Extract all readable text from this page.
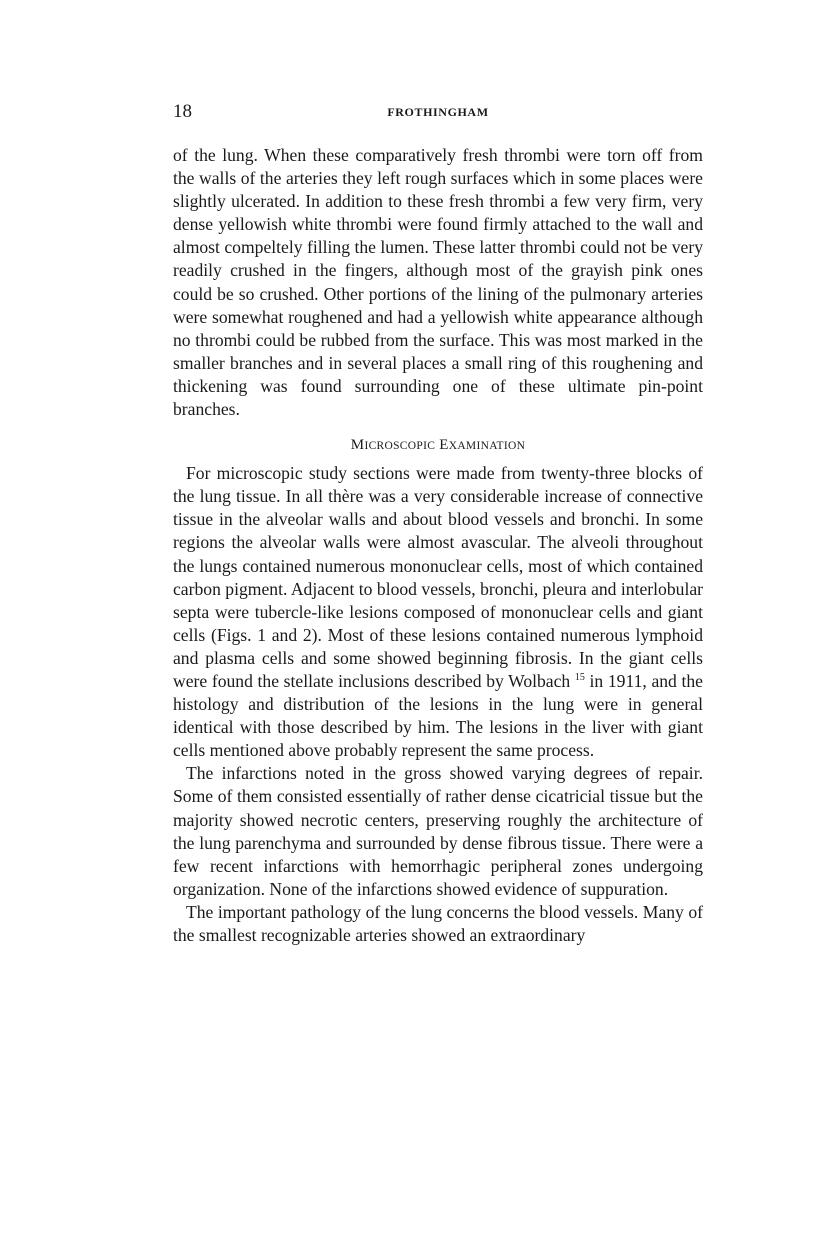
18	FROTHINGHAM

of the lung. When these comparatively fresh thrombi were torn off from the walls of the arteries they left rough surfaces which in some places were slightly ulcerated. In addition to these fresh thrombi a few very firm, very dense yellowish white thrombi were found firmly attached to the wall and almost compeltely filling the lumen. These latter thrombi could not be very readily crushed in the fingers, although most of the grayish pink ones could be so crushed. Other portions of the lining of the pulmonary arteries were somewhat roughened and had a yellowish white appearance although no thrombi could be rubbed from the surface. This was most marked in the smaller branches and in several places a small ring of this roughening and thickening was found surrounding one of these ultimate pin-point branches.

MICROSCOPIC EXAMINATION

For microscopic study sections were made from twenty-three blocks of the lung tissue. In all thère was a very considerable increase of connective tissue in the alveolar walls and about blood vessels and bronchi. In some regions the alveolar walls were almost avascular. The alveoli throughout the lungs contained numerous mononuclear cells, most of which contained carbon pigment. Adjacent to blood vessels, bronchi, pleura and interlobular septa were tubercle-like lesions composed of mononuclear cells and giant cells (Figs. 1 and 2). Most of these lesions contained numerous lymphoid and plasma cells and some showed beginning fibrosis. In the giant cells were found the stellate inclusions described by Wolbach $^{15}$ in 1911, and the histology and distribution of the lesions in the lung were in general identical with those described by him. The lesions in the liver with giant cells mentioned above probably represent the same process.

The infarctions noted in the gross showed varying degrees of repair. Some of them consisted essentially of rather dense cicatricial tissue but the majority showed necrotic centers, preserving roughly the architecture of the lung parenchyma and surrounded by dense fibrous tissue. There were a few recent infarctions with hemorrhagic peripheral zones undergoing organization. None of the infarctions showed evidence of suppuration.

The important pathology of the lung concerns the blood vessels. Many of the smallest recognizable arteries showed an extraordinary
